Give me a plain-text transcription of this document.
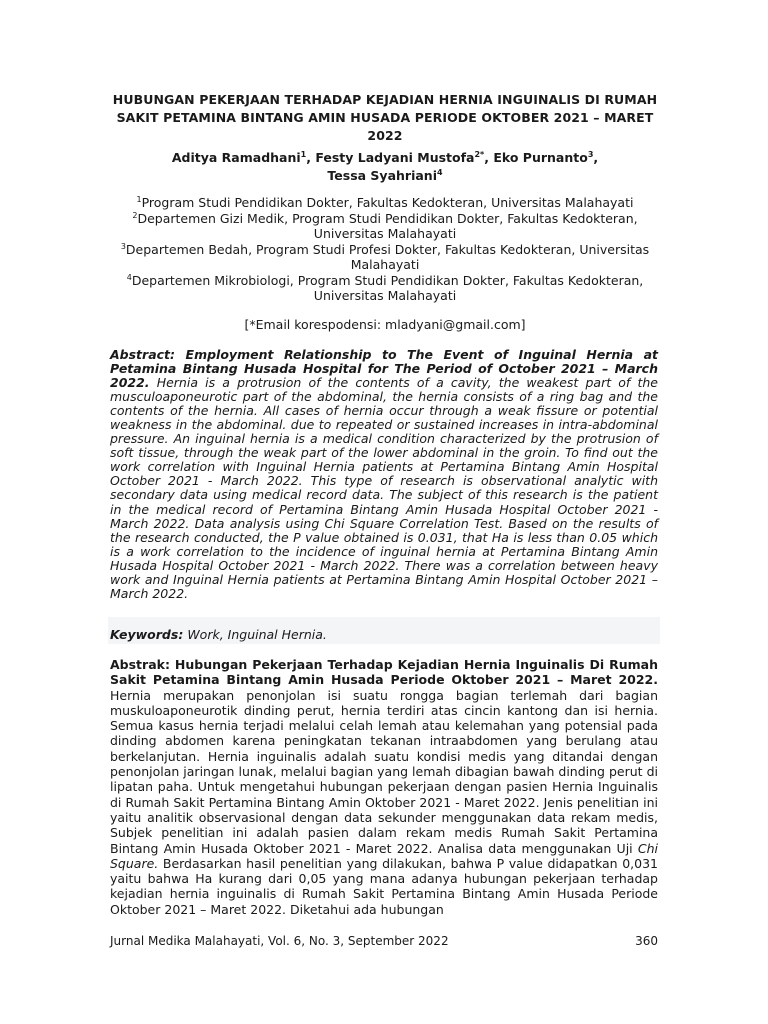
HUBUNGAN PEKERJAAN TERHADAP KEJADIAN HERNIA INGUINALIS DI RUMAH SAKIT PETAMINA BINTANG AMIN HUSADA PERIODE OKTOBER 2021 – MARET 2022
Aditya Ramadhani$^1$, Festy Ladyani Mustofa$^{2*}$, Eko Purnanto$^3$,
Tessa Syahriani$^4$
$^1$Program Studi Pendidikan Dokter, Fakultas Kedokteran, Universitas Malahayati
$^2$Departemen Gizi Medik, Program Studi Pendidikan Dokter, Fakultas Kedokteran, Universitas Malahayati
$^3$Departemen Bedah, Program Studi Profesi Dokter, Fakultas Kedokteran, Universitas Malahayati
$^4$Departemen Mikrobiologi, Program Studi Pendidikan Dokter, Fakultas Kedokteran, Universitas Malahayati
[*Email korespodensi: mladyani@gmail.com]
Abstract: Employment Relationship to The Event of Inguinal Hernia at Petamina Bintang Husada Hospital for The Period of October 2021 – March 2022. Hernia is a protrusion of the contents of a cavity, the weakest part of the musculoaponeurotic part of the abdominal, the hernia consists of a ring bag and the contents of the hernia. All cases of hernia occur through a weak fissure or potential weakness in the abdominal. due to repeated or sustained increases in intra-abdominal pressure. An inguinal hernia is a medical condition characterized by the protrusion of soft tissue, through the weak part of the lower abdominal in the groin. To find out the work correlation with Inguinal Hernia patients at Pertamina Bintang Amin Hospital October 2021 - March 2022. This type of research is observational analytic with secondary data using medical record data. The subject of this research is the patient in the medical record of Pertamina Bintang Amin Husada Hospital October 2021 - March 2022. Data analysis using Chi Square Correlation Test. Based on the results of the research conducted, the P value obtained is 0.031, that Ha is less than 0.05 which is a work correlation to the incidence of inguinal hernia at Pertamina Bintang Amin Husada Hospital October 2021 - March 2022. There was a correlation between heavy work and Inguinal Hernia patients at Pertamina Bintang Amin Hospital October 2021 – March 2022.
Keywords: Work, Inguinal Hernia.
Abstrak: Hubungan Pekerjaan Terhadap Kejadian Hernia Inguinalis Di Rumah Sakit Petamina Bintang Amin Husada Periode Oktober 2021 – Maret 2022. Hernia merupakan penonjolan isi suatu rongga bagian terlemah dari bagian muskuloaponeurotik dinding perut, hernia terdiri atas cincin kantong dan isi hernia. Semua kasus hernia terjadi melalui celah lemah atau kelemahan yang potensial pada dinding abdomen karena peningkatan tekanan intraabdomen yang berulang atau berkelanjutan. Hernia inguinalis adalah suatu kondisi medis yang ditandai dengan penonjolan jaringan lunak, melalui bagian yang lemah dibagian bawah dinding perut di lipatan paha. Untuk mengetahui hubungan pekerjaan dengan pasien Hernia Inguinalis di Rumah Sakit Pertamina Bintang Amin Oktober 2021 - Maret 2022. Jenis penelitian ini yaitu analitik observasional dengan data sekunder menggunakan data rekam medis, Subjek penelitian ini adalah pasien dalam rekam medis Rumah Sakit Pertamina Bintang Amin Husada Oktober 2021 - Maret 2022. Analisa data menggunakan Uji Chi Square. Berdasarkan hasil penelitian yang dilakukan, bahwa P value didapatkan 0,031 yaitu bahwa Ha kurang dari 0,05 yang mana adanya hubungan pekerjaan terhadap kejadian hernia inguinalis di Rumah Sakit Pertamina Bintang Amin Husada Periode Oktober 2021 – Maret 2022. Diketahui ada hubungan
Jurnal Medika Malahayati, Vol. 6, No. 3, September 2022	360
